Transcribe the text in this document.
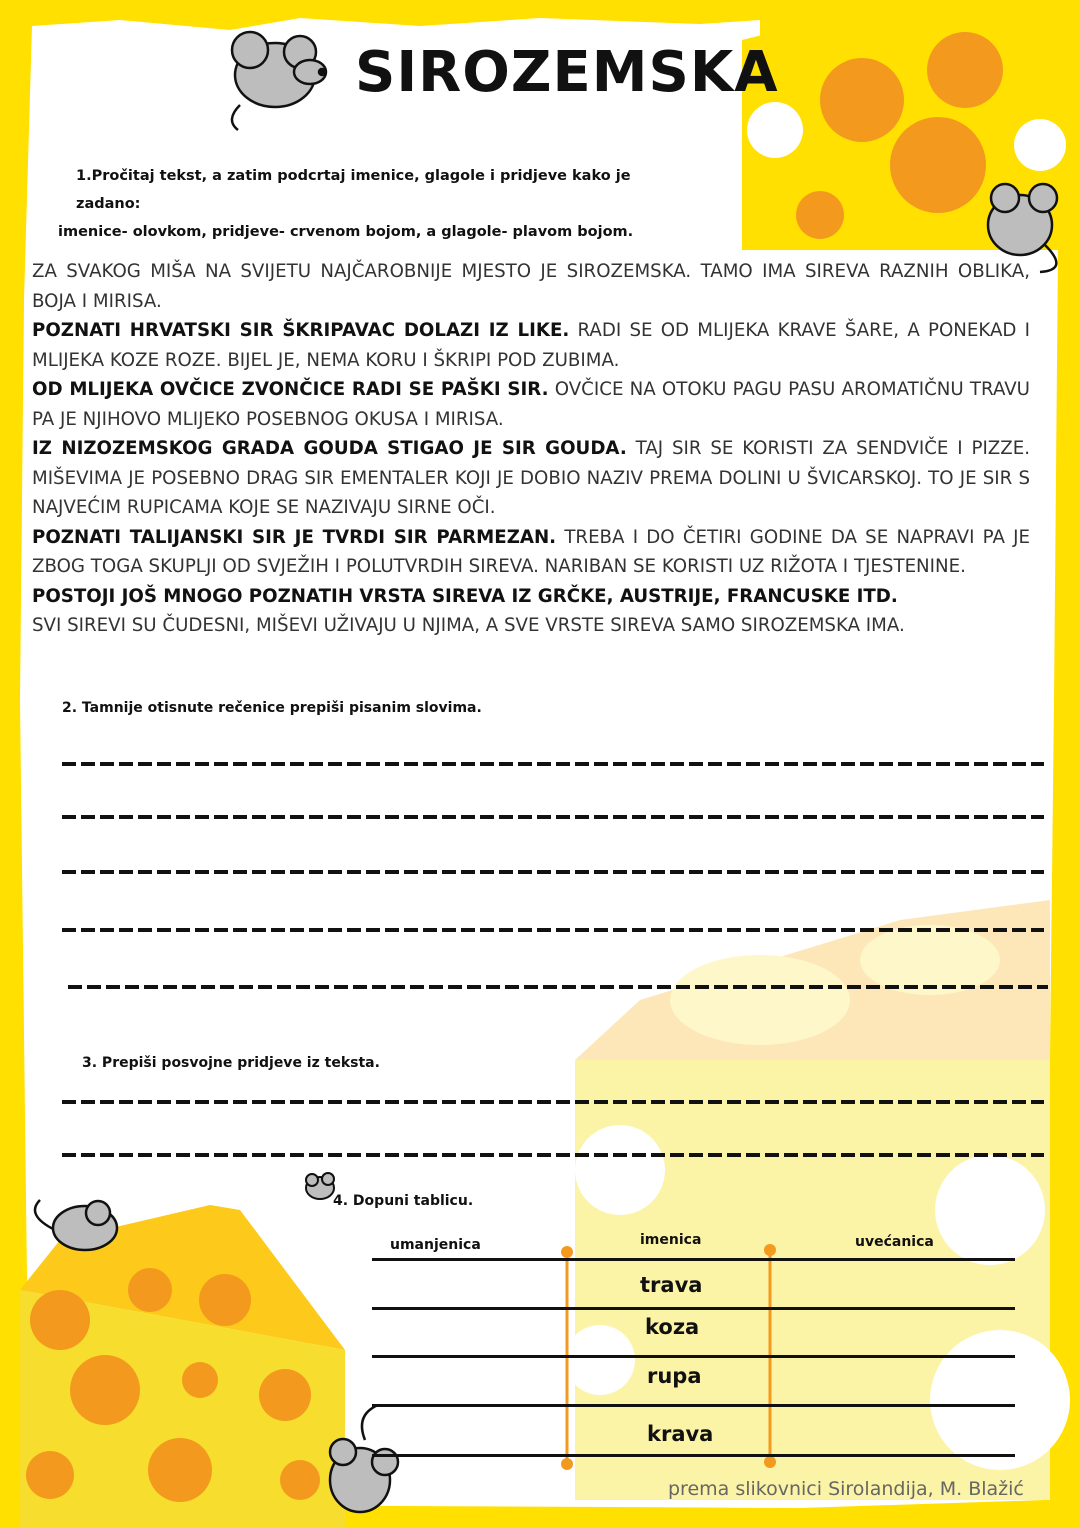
SIROZEMSKA
1.Pročitaj tekst, a zatim podcrtaj imenice, glagole i pridjeve kako je zadano:
imenice- olovkom, pridjeve- crvenom bojom, a glagole- plavom bojom.

ZA SVAKOG MIŠA NA SVIJETU NAJČAROBNIJE MJESTO JE SIROZEMSKA. TAMO IMA SIREVA RAZNIH OBLIKA, BOJA I MIRISA.

POZNATI HRVATSKI SIR ŠKRIPAVAC DOLAZI IZ LIKE. RADI SE OD MLIJEKA KRAVE ŠARE, A PONEKAD I MLIJEKA KOZE ROZE. BIJEL JE, NEMA KORU I ŠKRIPI POD ZUBIMA.

OD MLIJEKA OVČICE ZVONČICE RADI SE PAŠKI SIR. OVČICE NA OTOKU PAGU PASU AROMATIČNU TRAVU PA JE NJIHOVO MLIJEKO POSEBNOG OKUSA I MIRISA.

IZ NIZOZEMSKOG GRADA GOUDA STIGAO JE SIR GOUDA. TAJ SIR SE KORISTI ZA SENDVIČE I PIZZE. MIŠEVIMA JE POSEBNO DRAG SIR EMENTALER KOJI JE DOBIO NAZIV PREMA DOLINI U ŠVICARSKOJ. TO JE SIR S NAJVEĆIM RUPICAMA KOJE SE NAZIVAJU SIRNE OČI.

POZNATI TALIJANSKI SIR JE TVRDI SIR PARMEZAN. TREBA I DO ČETIRI GODINE DA SE NAPRAVI PA JE ZBOG TOGA SKUPLJI OD SVJEŽIH I POLUTVRDIH SIREVA. NARIBAN SE KORISTI UZ RIŽOTA I TJESTENINE.

POSTOJI JOŠ MNOGO POZNATIH VRSTA SIREVA IZ GRČKE, AUSTRIJE, FRANCUSKE ITD.

SVI SIREVI SU ČUDESNI, MIŠEVI UŽIVAJU U NJIMA, A SVE VRSTE SIREVA SAMO SIROZEMSKA IMA.

2. Tamnije otisnute rečenice prepiši pisanim slovima.
3. Prepiši posvojne pridjeve iz teksta.
4. Dopuni tablicu.
umanjenica	imenica	uvećanica
trava
koza
rupa
krava
prema slikovnici Sirolandija, M. Blažić
